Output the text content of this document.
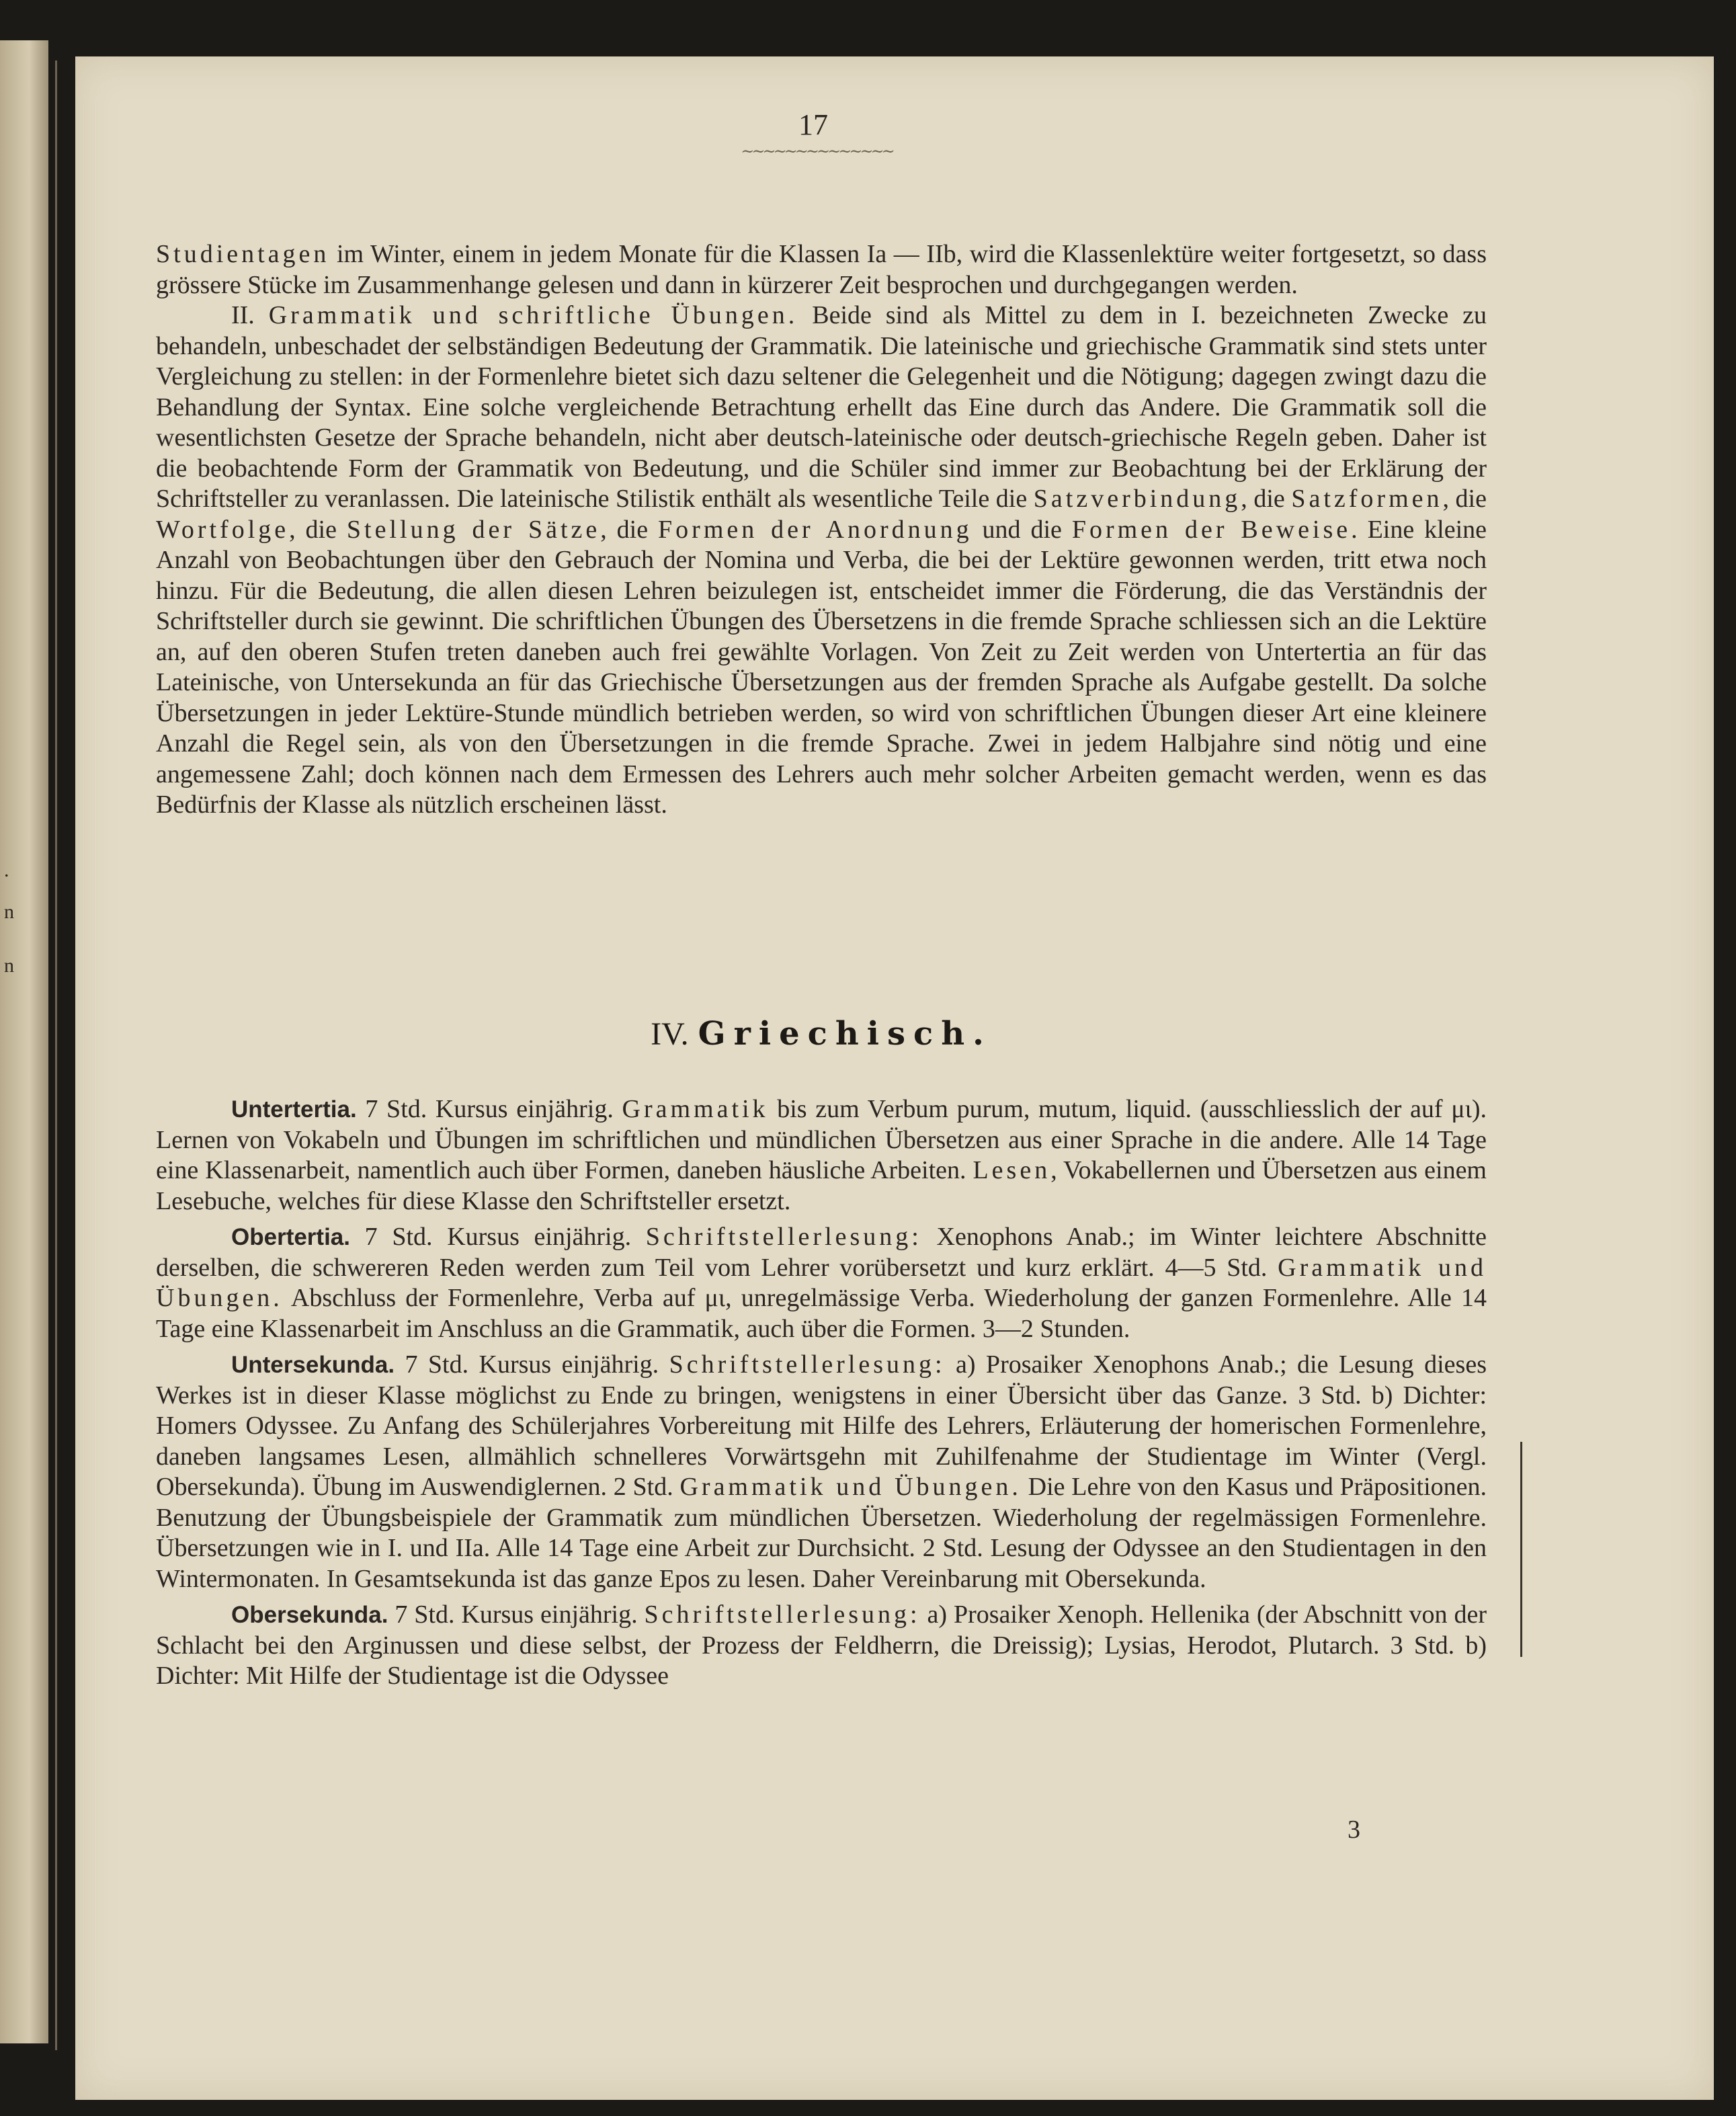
.
n
n
17
~~~~~~~~~~~~~~

Studientagen im Winter, einem in jedem Monate für die Klassen Ia — IIb, wird die Klassenlektüre weiter fortgesetzt, so dass grössere Stücke im Zusammenhange gelesen und dann in kürzerer Zeit besprochen und durchgegangen werden.

II. Grammatik und schriftliche Übungen. Beide sind als Mittel zu dem in I. bezeichneten Zwecke zu behandeln, unbeschadet der selbständigen Bedeutung der Grammatik. Die lateinische und griechische Grammatik sind stets unter Vergleichung zu stellen: in der Formenlehre bietet sich dazu seltener die Gelegenheit und die Nötigung; dagegen zwingt dazu die Behandlung der Syntax. Eine solche vergleichende Betrachtung erhellt das Eine durch das Andere. Die Grammatik soll die wesentlichsten Gesetze der Sprache behandeln, nicht aber deutsch-lateinische oder deutsch-griechische Regeln geben. Daher ist die beobachtende Form der Grammatik von Bedeutung, und die Schüler sind immer zur Beobachtung bei der Erklärung der Schriftsteller zu veranlassen. Die lateinische Stilistik enthält als wesentliche Teile die Satzverbindung, die Satzformen, die Wortfolge, die Stellung der Sätze, die Formen der Anordnung und die Formen der Beweise. Eine kleine Anzahl von Beobachtungen über den Gebrauch der Nomina und Verba, die bei der Lektüre gewonnen werden, tritt etwa noch hinzu. Für die Bedeutung, die allen diesen Lehren beizulegen ist, entscheidet immer die Förderung, die das Verständnis der Schriftsteller durch sie gewinnt. Die schriftlichen Übungen des Übersetzens in die fremde Sprache schliessen sich an die Lektüre an, auf den oberen Stufen treten daneben auch frei gewählte Vorlagen. Von Zeit zu Zeit werden von Untertertia an für das Lateinische, von Untersekunda an für das Griechische Übersetzungen aus der fremden Sprache als Aufgabe gestellt. Da solche Übersetzungen in jeder Lektüre-Stunde mündlich betrieben werden, so wird von schriftlichen Übungen dieser Art eine kleinere Anzahl die Regel sein, als von den Übersetzungen in die fremde Sprache. Zwei in jedem Halbjahre sind nötig und eine angemessene Zahl; doch können nach dem Ermessen des Lehrers auch mehr solcher Arbeiten gemacht werden, wenn es das Bedürfnis der Klasse als nützlich erscheinen lässt.

IV. Griechisch.

Untertertia. 7 Std. Kursus einjährig. Grammatik bis zum Verbum purum, mutum, liquid. (ausschliesslich der auf μι). Lernen von Vokabeln und Übungen im schriftlichen und mündlichen Übersetzen aus einer Sprache in die andere. Alle 14 Tage eine Klassenarbeit, namentlich auch über Formen, daneben häusliche Arbeiten. Lesen, Vokabellernen und Übersetzen aus einem Lesebuche, welches für diese Klasse den Schriftsteller ersetzt.

Obertertia. 7 Std. Kursus einjährig. Schriftstellerlesung: Xenophons Anab.; im Winter leichtere Abschnitte derselben, die schwereren Reden werden zum Teil vom Lehrer vorübersetzt und kurz erklärt. 4—5 Std. Grammatik und Übungen. Abschluss der Formenlehre, Verba auf μι, unregelmässige Verba. Wiederholung der ganzen Formenlehre. Alle 14 Tage eine Klassenarbeit im Anschluss an die Grammatik, auch über die Formen. 3—2 Stunden.

Untersekunda. 7 Std. Kursus einjährig. Schriftstellerlesung: a) Prosaiker Xenophons Anab.; die Lesung dieses Werkes ist in dieser Klasse möglichst zu Ende zu bringen, wenigstens in einer Übersicht über das Ganze. 3 Std. b) Dichter: Homers Odyssee. Zu Anfang des Schülerjahres Vorbereitung mit Hilfe des Lehrers, Erläuterung der homerischen Formenlehre, daneben langsames Lesen, allmählich schnelleres Vorwärtsgehn mit Zuhilfenahme der Studientage im Winter (Vergl. Obersekunda). Übung im Auswendiglernen. 2 Std. Grammatik und Übungen. Die Lehre von den Kasus und Präpositionen. Benutzung der Übungsbeispiele der Grammatik zum mündlichen Übersetzen. Wiederholung der regelmässigen Formenlehre. Übersetzungen wie in I. und IIa. Alle 14 Tage eine Arbeit zur Durchsicht. 2 Std. Lesung der Odyssee an den Studientagen in den Wintermonaten. In Gesamtsekunda ist das ganze Epos zu lesen. Daher Vereinbarung mit Obersekunda.

Obersekunda. 7 Std. Kursus einjährig. Schriftstellerlesung: a) Prosaiker Xenoph. Hellenika (der Abschnitt von der Schlacht bei den Arginussen und diese selbst, der Prozess der Feldherrn, die Dreissig); Lysias, Herodot, Plutarch. 3 Std. b) Dichter: Mit Hilfe der Studientage ist die Odyssee

3
